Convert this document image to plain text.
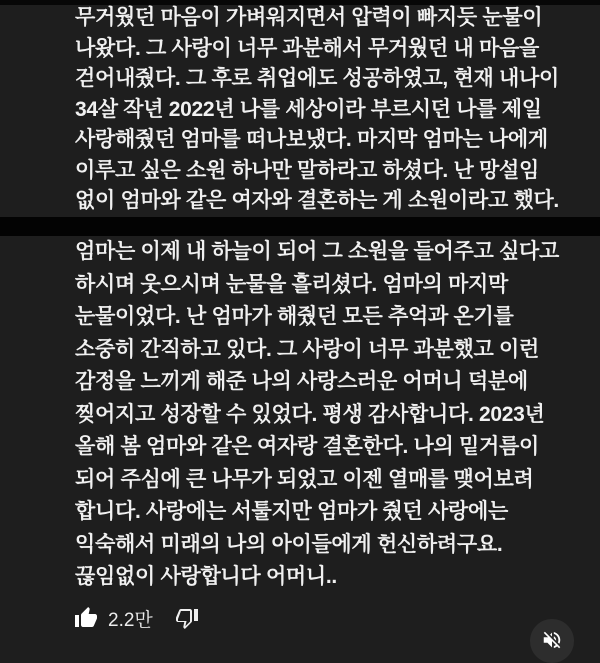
무거웠던 마음이 가벼워지면서 압력이 빠지듯 눈물이
나왔다. 그 사랑이 너무 과분해서 무거웠던 내 마음을
걷어내줬다. 그 후로 취업에도 성공하였고, 현재 내나이
34살 작년 2022년 나를 세상이라 부르시던 나를 제일
사랑해줬던 엄마를 떠나보냈다. 마지막 엄마는 나에게
이루고 싶은 소원 하나만 말하라고 하셨다. 난 망설임
없이 엄마와 같은 여자와 결혼하는 게 소원이라고 했다.
엄마는 이제 내 하늘이 되어 그 소원을 들어주고 싶다고
하시며 웃으시며 눈물을 흘리셨다. 엄마의 마지막
눈물이었다. 난 엄마가 해줬던 모든 추억과 온기를
소중히 간직하고 있다. 그 사랑이 너무 과분했고 이런
감정을 느끼게 해준 나의 사랑스러운 어머니 덕분에
찢어지고 성장할 수 있었다. 평생 감사합니다. 2023년
올해 봄 엄마와 같은 여자랑 결혼한다. 나의 밑거름이
되어 주심에 큰 나무가 되었고 이젠 열매를 맺어보려
합니다. 사랑에는 서툴지만 엄마가 줬던 사랑에는
익숙해서 미래의 나의 아이들에게 헌신하려구요.
끊임없이 사랑합니다 어머니..
2.2만
